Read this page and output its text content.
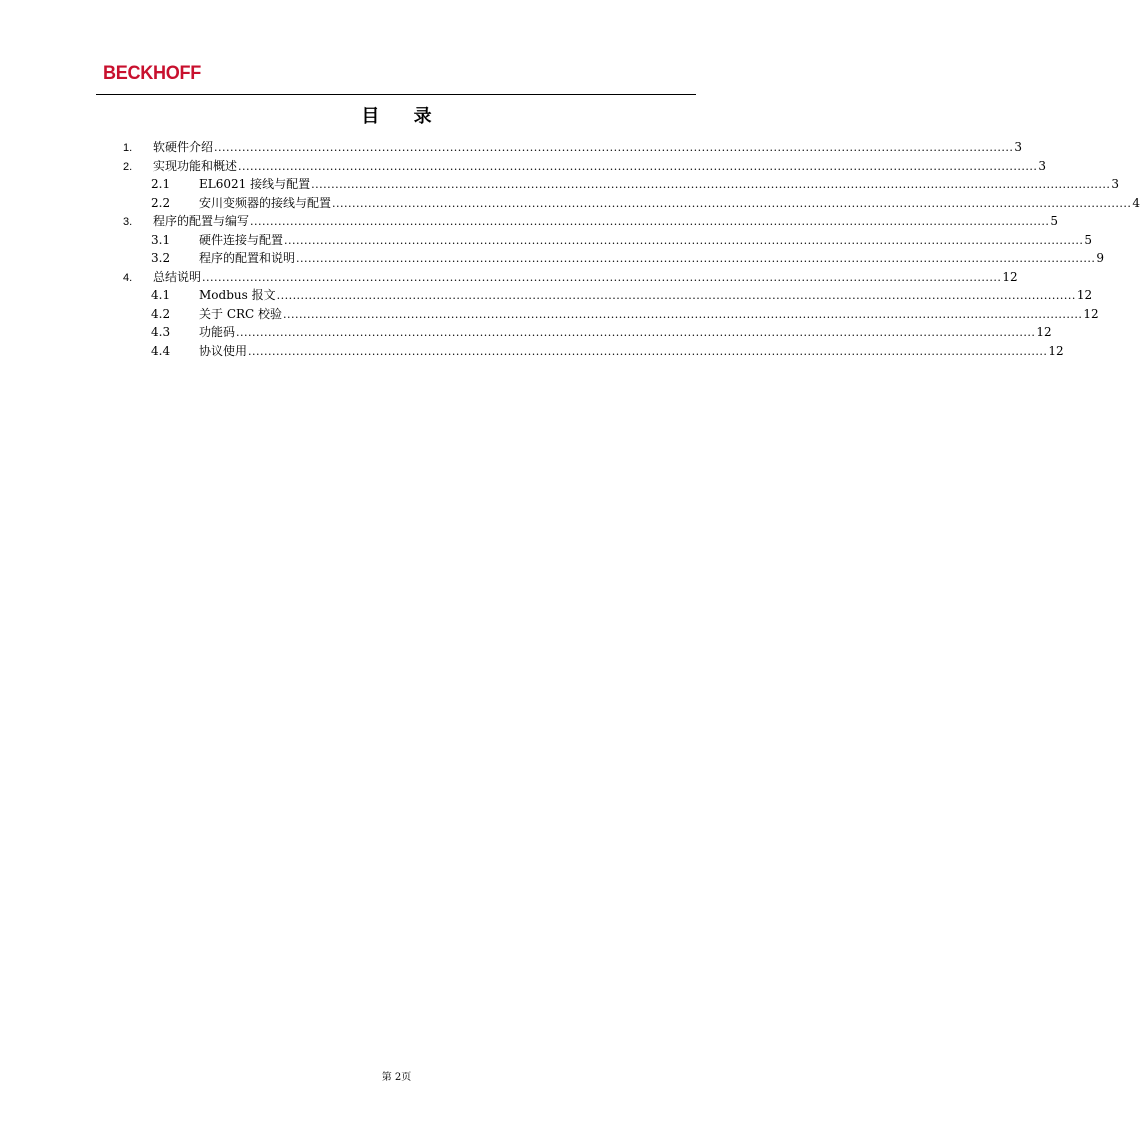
BECKHOFF
目 录
1.	软硬件介绍 ........................................................................................................................................................................................................ 3
2.	实现功能和概述 ........................................................................................................................................................................................................ 3
2.1	EL6021 接线与配置 ........................................................................................................................................................................................................ 3
2.2	安川变频器的接线与配置 ........................................................................................................................................................................................................ 4
3.	程序的配置与编写 ........................................................................................................................................................................................................ 5
3.1	硬件连接与配置 ........................................................................................................................................................................................................ 5
3.2	程序的配置和说明 ........................................................................................................................................................................................................ 9
4.	总结说明 ........................................................................................................................................................................................................ 12
4.1	Modbus 报文 ........................................................................................................................................................................................................ 12
4.2	关于 CRC 校验 ........................................................................................................................................................................................................ 12
4.3	功能码 ........................................................................................................................................................................................................ 12
4.4	协议使用 ........................................................................................................................................................................................................ 12
第 2页
